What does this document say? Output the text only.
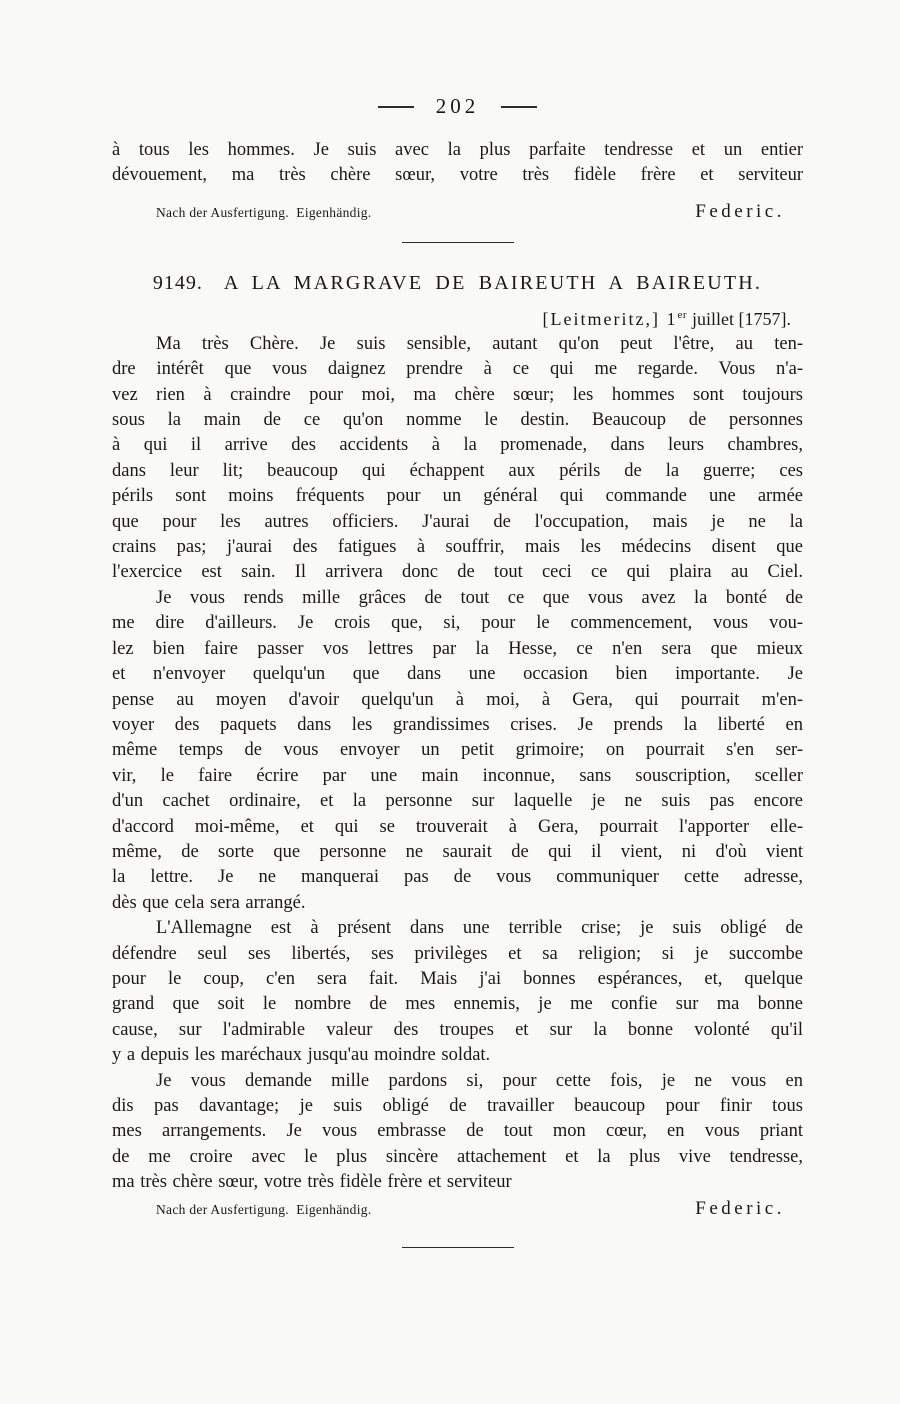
202
à tous les hommes. Je suis avec la plus parfaite tendresse et un entier
dévouement, ma très chère sœur, votre très fidèle frère et serviteur
Nach der Ausfertigung.  Eigenhändig.	Federic.
9149. A LA MARGRAVE DE BAIREUTH A BAIREUTH.
[Leitmeritz,] 1er juillet [1757].
Ma très Chère. Je suis sensible, autant qu'on peut l'être, au ten-
dre intérêt que vous daignez prendre à ce qui me regarde. Vous n'a-
vez rien à craindre pour moi, ma chère sœur; les hommes sont toujours
sous la main de ce qu'on nomme le destin. Beaucoup de personnes
à qui il arrive des accidents à la promenade, dans leurs chambres,
dans leur lit; beaucoup qui échappent aux périls de la guerre; ces
périls sont moins fréquents pour un général qui commande une armée
que pour les autres officiers. J'aurai de l'occupation, mais je ne la
crains pas; j'aurai des fatigues à souffrir, mais les médecins disent que
l'exercice est sain. Il arrivera donc de tout ceci ce qui plaira au Ciel.
Je vous rends mille grâces de tout ce que vous avez la bonté de
me dire d'ailleurs. Je crois que, si, pour le commencement, vous vou-
lez bien faire passer vos lettres par la Hesse, ce n'en sera que mieux
et n'envoyer quelqu'un que dans une occasion bien importante. Je
pense au moyen d'avoir quelqu'un à moi, à Gera, qui pourrait m'en-
voyer des paquets dans les grandissimes crises. Je prends la liberté en
même temps de vous envoyer un petit grimoire; on pourrait s'en ser-
vir, le faire écrire par une main inconnue, sans souscription, sceller
d'un cachet ordinaire, et la personne sur laquelle je ne suis pas encore
d'accord moi-même, et qui se trouverait à Gera, pourrait l'apporter elle-
même, de sorte que personne ne saurait de qui il vient, ni d'où vient
la lettre. Je ne manquerai pas de vous communiquer cette adresse,
dès que cela sera arrangé.
L'Allemagne est à présent dans une terrible crise; je suis obligé de
défendre seul ses libertés, ses privilèges et sa religion; si je succombe
pour le coup, c'en sera fait. Mais j'ai bonnes espérances, et, quelque
grand que soit le nombre de mes ennemis, je me confie sur ma bonne
cause, sur l'admirable valeur des troupes et sur la bonne volonté qu'il
y a depuis les maréchaux jusqu'au moindre soldat.
Je vous demande mille pardons si, pour cette fois, je ne vous en
dis pas davantage; je suis obligé de travailler beaucoup pour finir tous
mes arrangements. Je vous embrasse de tout mon cœur, en vous priant
de me croire avec le plus sincère attachement et la plus vive tendresse,
ma très chère sœur, votre très fidèle frère et serviteur
Nach der Ausfertigung.  Eigenhändig.	Federic.
